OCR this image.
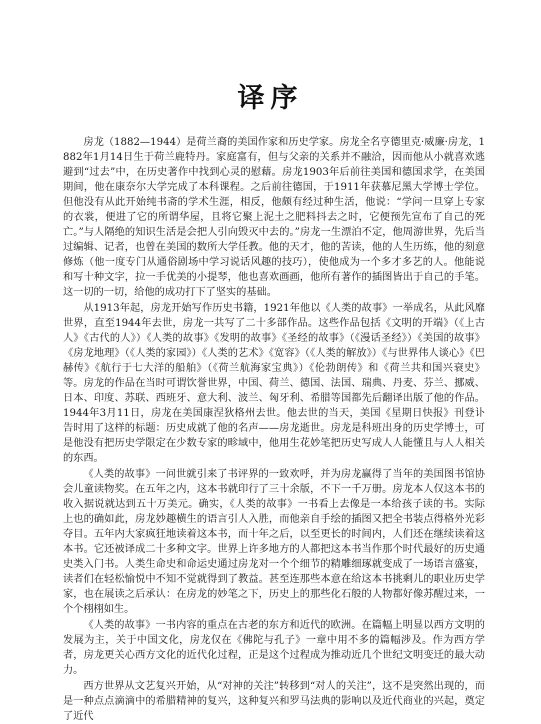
译序

房龙（1882—1944）是荷兰裔的美国作家和历史学家。房龙全名亨德里克·威廉·房龙，1882年1月14日生于荷兰鹿特丹。家庭富有，但与父亲的关系并不融洽，因而他从小就喜欢逃避到“过去”中，在历史著作中找到心灵的慰藉。房龙1903年后前往美国和德国求学，在美国期间，他在康奈尔大学完成了本科课程。之后前往德国，于1911年获慕尼黑大学博士学位。但他没有从此开始纯书斋的学术生涯，相反，他颇有经过种生活，他说：“学问一旦穿上专家的衣裳，便进了它的所谓华屋，且将它聚上泥土之肥料抖去之时，它便预先宣布了自己的死亡。”与人隔绝的知识生活是会把人引向毁灭中去的。”房龙一生漂泊不定，他周游世界，先后当过编辑、记者，也曾在美国的数所大学任教。他的天才，他的苦读，他的人生历练，他的刻意修炼（他一度专门从通俗剧场中学习说话风趣的技巧），使他成为一个多才多艺的人。他能说和写十种文字，拉一手优美的小提琴，他也喜欢画画，他所有著作的插图皆出于自己的手笔。这一切的一切，给他的成功打下了坚实的基础。

从1913年起，房龙开始写作历史书籍，1921年他以《人类的故事》一举成名，从此风靡世界，直至1944年去世，房龙一共写了二十多部作品。这些作品包括《文明的开端》（《上古人》《古代的人》）《人类的故事》《发明的故事》《圣经的故事》（《漫话圣经》）《美国的故事》《房龙地理》（《人类的家园》）《人类的艺术》《宽容》（《人类的解放》）《与世界伟人谈心》《巴赫传》《航行于七大洋的船舶》（《荷兰航海家宝典》）《伦勃朗传》和《荷兰共和国兴衰史》等。房龙的作品在当时可谓饮誉世界，中国、荷兰、德国、法国、瑞典、丹麦、芬兰、挪威、日本、印度、苏联、西班牙、意大利、波兰、匈牙利、希腊等国都先后翻译出版了他的作品。1944年3月11日，房龙在美国康涅狄格州去世。他去世的当天，美国《星期日快报》刊登讣告时用了这样的标题：历史成就了他的名声——房龙逝世。房龙是科班出身的历史学博士，可是他没有把历史学限定在少数专家的畛域中，他用生花妙笔把历史写成人人能懂且与人人相关的东西。

《人类的故事》一问世就引来了书评界的一致欢呼，并为房龙赢得了当年的美国图书馆协会儿童读物奖。在五年之内，这本书就印行了三十余版，不下一千万册。房龙本人仅这本书的收入据说就达到五十万美元。确实，《人类的故事》一书看上去像是一本给孩子读的书。实际上也的确如此，房龙妙趣横生的语言引人入胜，而他亲自手绘的插图又把全书装点得格外光彩夺目。五年内大家疯狂地读着这本书，而十年之后，以至更长的时间内，人们还在继续读着这本书。它还被译成二十多种文字。世界上许多地方的人都把这本书当作那个时代最好的历史通史类入门书。人类生命史和命运史通过房龙对一个个细节的精雕细琢就变成了一场语言盛宴，读者们在轻松愉悦中不知不觉就得到了教益。甚至连那些本意在给这本书挑剩儿的职业历史学家，也在展读之后承认：在房龙的妙笔之下，历史上的那些化石般的人物都好像苏醒过来，一个个栩栩如生。

《人类的故事》一书内容的重点在古老的东方和近代的欧洲。在篇幅上明显以西方文明的发展为主，关于中国文化，房龙仅在《佛陀与孔子》一章中用不多的篇幅涉及。作为西方学者，房龙更关心西方文化的近代化过程，正是这个过程成为推动近几个世纪文明变迁的最大动力。

西方世界从文艺复兴开始，从“对神的关注”转移到“对人的关注”，这不是突然出现的，而是一种点点滴滴中的希腊精神的复兴，这种复兴和罗马法典的影响以及近代商业的兴起，奠定了近代
